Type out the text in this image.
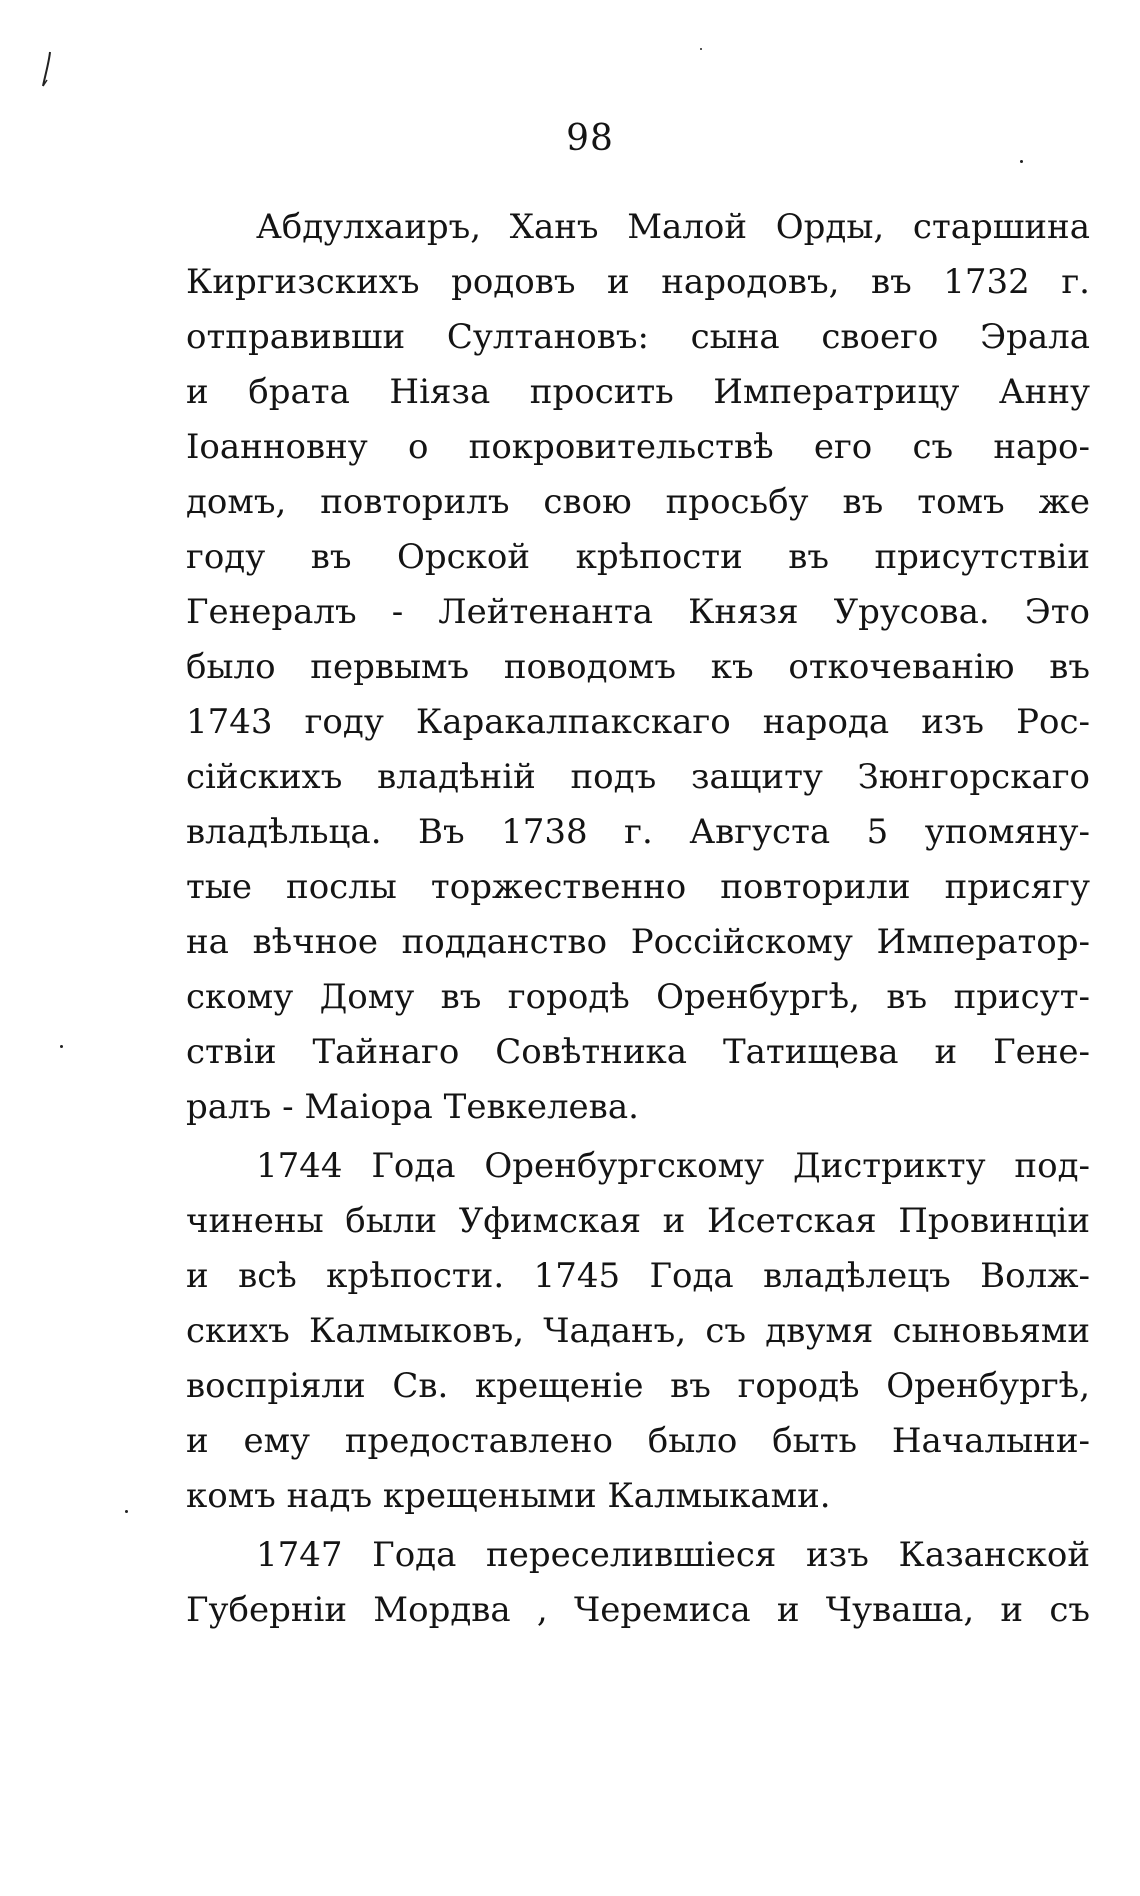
98
Абдулхаиръ, Ханъ Малой Орды, старшина
Киргизскихъ родовъ и народовъ, въ 1732 г.
отправивши Султановъ: сына своего Эрала
и брата Ніяза просить Императрицу Анну
Іоанновну о покровительствѣ его съ наро-
домъ, повторилъ свою просьбу въ томъ же
году въ Орской крѣпости въ присутствіи
Генералъ - Лейтенанта Князя Урусова. Это
было первымъ поводомъ къ откочеванію въ
1743 году Каракалпакскаго народа изъ Рос-
сійскихъ владѣній подъ защиту Зюнгорскаго
владѣльца. Въ 1738 г. Августа 5 упомяну-
тые послы торжественно повторили присягу
на вѣчное подданство Россійскому Император-
скому Дому въ городѣ Оренбургѣ, въ присут-
ствіи Тайнаго Совѣтника Татищева и Гене-
ралъ - Маіора Тевкелева.
1744 Года Оренбургскому Дистрикту под-
чинены были Уфимская и Исетская Провинціи
и всѣ крѣпости. 1745 Года владѣлецъ Волж-
скихъ Калмыковъ, Чаданъ, съ двумя сыновьями
воспріяли Св. крещеніе въ городѣ Оренбургѣ,
и ему предоставлено было быть Началыни-
комъ надъ крещеными Калмыками.
1747 Года переселившіеся изъ Казанской
Губерніи Мордва , Черемиса и Чуваша, и съ
